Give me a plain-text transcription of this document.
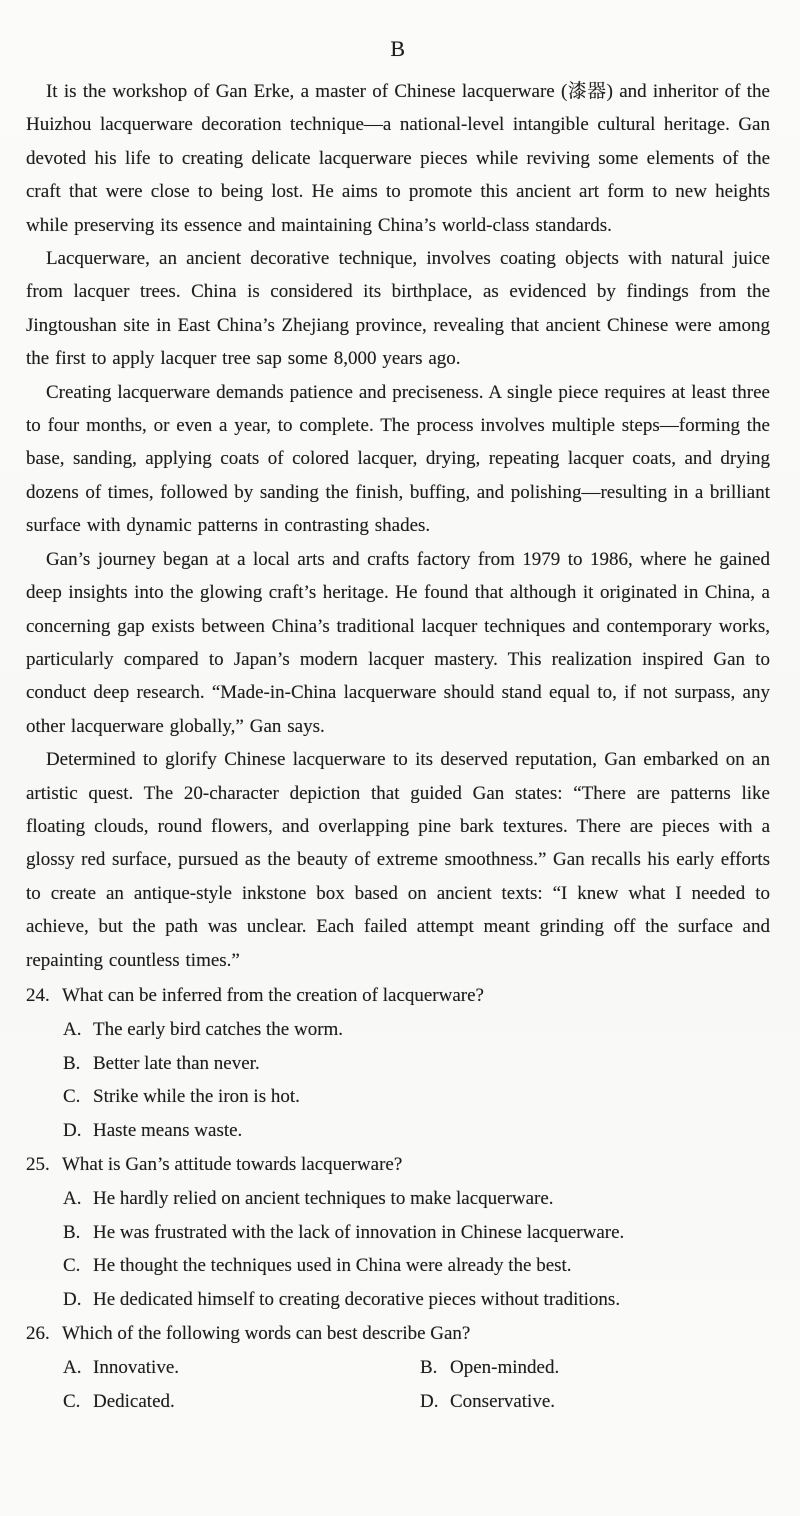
B

It is the workshop of Gan Erke, a master of Chinese lacquerware (漆器) and inheritor of the Huizhou lacquerware decoration technique—a national-level intangible cultural heritage. Gan devoted his life to creating delicate lacquerware pieces while reviving some elements of the craft that were close to being lost. He aims to promote this ancient art form to new heights while preserving its essence and maintaining China’s world-class standards.

Lacquerware, an ancient decorative technique, involves coating objects with natural juice from lacquer trees. China is considered its birthplace, as evidenced by findings from the Jingtoushan site in East China’s Zhejiang province, revealing that ancient Chinese were among the first to apply lacquer tree sap some 8,000 years ago.

Creating lacquerware demands patience and preciseness. A single piece requires at least three to four months, or even a year, to complete. The process involves multiple steps—forming the base, sanding, applying coats of colored lacquer, drying, repeating lacquer coats, and drying dozens of times, followed by sanding the finish, buffing, and polishing—resulting in a brilliant surface with dynamic patterns in contrasting shades.

Gan’s journey began at a local arts and crafts factory from 1979 to 1986, where he gained deep insights into the glowing craft’s heritage. He found that although it originated in China, a concerning gap exists between China’s traditional lacquer techniques and contemporary works, particularly compared to Japan’s modern lacquer mastery. This realization inspired Gan to conduct deep research. “Made-in-China lacquerware should stand equal to, if not surpass, any other lacquerware globally,” Gan says.

Determined to glorify Chinese lacquerware to its deserved reputation, Gan embarked on an artistic quest. The 20-character depiction that guided Gan states: “There are patterns like floating clouds, round flowers, and overlapping pine bark textures. There are pieces with a glossy red surface, pursued as the beauty of extreme smoothness.” Gan recalls his early efforts to create an antique-style inkstone box based on ancient texts: “I knew what I needed to achieve, but the path was unclear. Each failed attempt meant grinding off the surface and repainting countless times.”

24. What can be inferred from the creation of lacquerware?
A. The early bird catches the worm.
B. Better late than never.
C. Strike while the iron is hot.
D. Haste means waste.
25. What is Gan’s attitude towards lacquerware?
A. He hardly relied on ancient techniques to make lacquerware.
B. He was frustrated with the lack of innovation in Chinese lacquerware.
C. He thought the techniques used in China were already the best.
D. He dedicated himself to creating decorative pieces without traditions.
26. Which of the following words can best describe Gan?
A. Innovative.	B. Open-minded.
C. Dedicated.	D. Conservative.
